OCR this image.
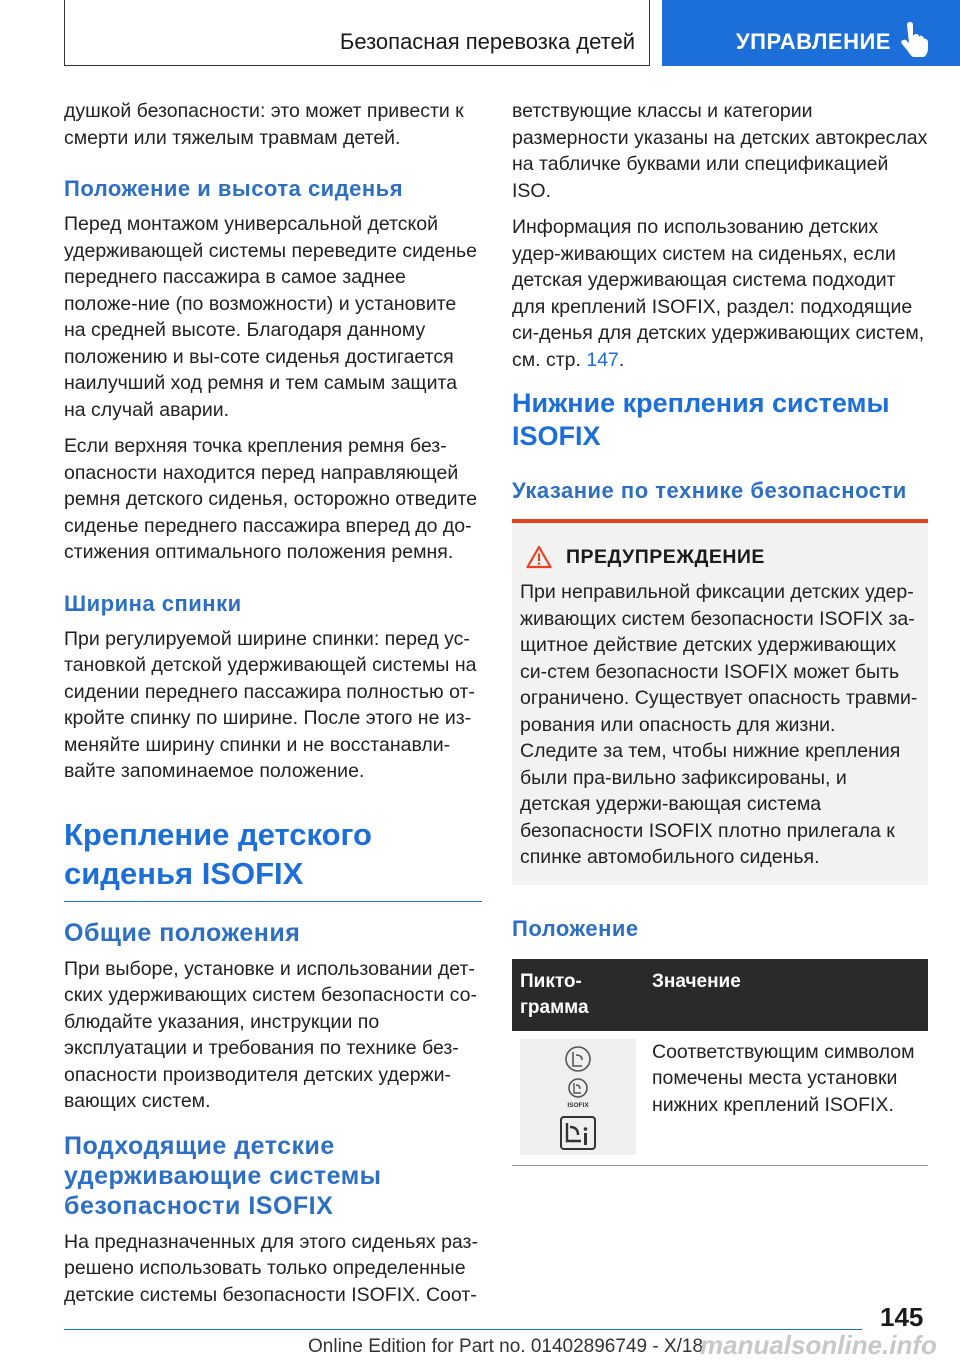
Безопасная перевозка детей	УПРАВЛЕНИЕ

душкой безопасности: это может привести к смерти или тяжелым травмам детей.

Положение и высота сиденья

Перед монтажом универсальной детской удерживающей системы переведите сиденье переднего пассажира в самое заднее положе-ние (по возможности) и установите на средней высоте. Благодаря данному положению и вы-соте сиденья достигается наилучший ход ремня и тем самым защита на случай аварии.

Если верхняя точка крепления ремня без-опасности находится перед направляющей ремня детского сиденья, осторожно отведите сиденье переднего пассажира вперед до до-стижения оптимального положения ремня.

Ширина спинки

При регулируемой ширине спинки: перед ус-тановкой детской удерживающей системы на сидении переднего пассажира полностью от-кройте спинку по ширине. После этого не из-меняйте ширину спинки и не восстанавли-вайте запоминаемое положение.

Крепление детского сиденья ISOFIX
Общие положения

При выборе, установке и использовании дет-ских удерживающих систем безопасности со-блюдайте указания, инструкции по эксплуатации и требования по технике без-опасности производителя детских удержи-вающих систем.

Подходящие детские удерживающие системы безопасности ISOFIX

На предназначенных для этого сиденьях раз-решено использовать только определенные детские системы безопасности ISOFIX. Соот-

ветствующие классы и категории размерности указаны на детских автокреслах на табличке буквами или спецификацией ISO.

Информация по использованию детских удер-живающих систем на сиденьях, если детская удерживающая система подходит для креплений ISOFIX, раздел: подходящие си-денья для детских удерживающих систем, см. стр. 147.

Нижние крепления системы ISOFIX
Указание по технике безопасности
ПРЕДУПРЕЖДЕНИЕ

При неправильной фиксации детских удер-живающих систем безопасности ISOFIX за-щитное действие детских удерживающих си-стем безопасности ISOFIX может быть ограничено. Существует опасность травми-рования или опасность для жизни. Следите за тем, чтобы нижние крепления были пра-вильно зафиксированы, и детская удержи-вающая система безопасности ISOFIX плотно прилегала к спинке автомобильного сиденья.

Положение
Пикто-грамма	Значение

ISOFIX	Соответствующим символом помечены места установки нижних креплений ISOFIX.
145
Online Edition for Part no. 01402896749 - X/18
manualsonline.info
